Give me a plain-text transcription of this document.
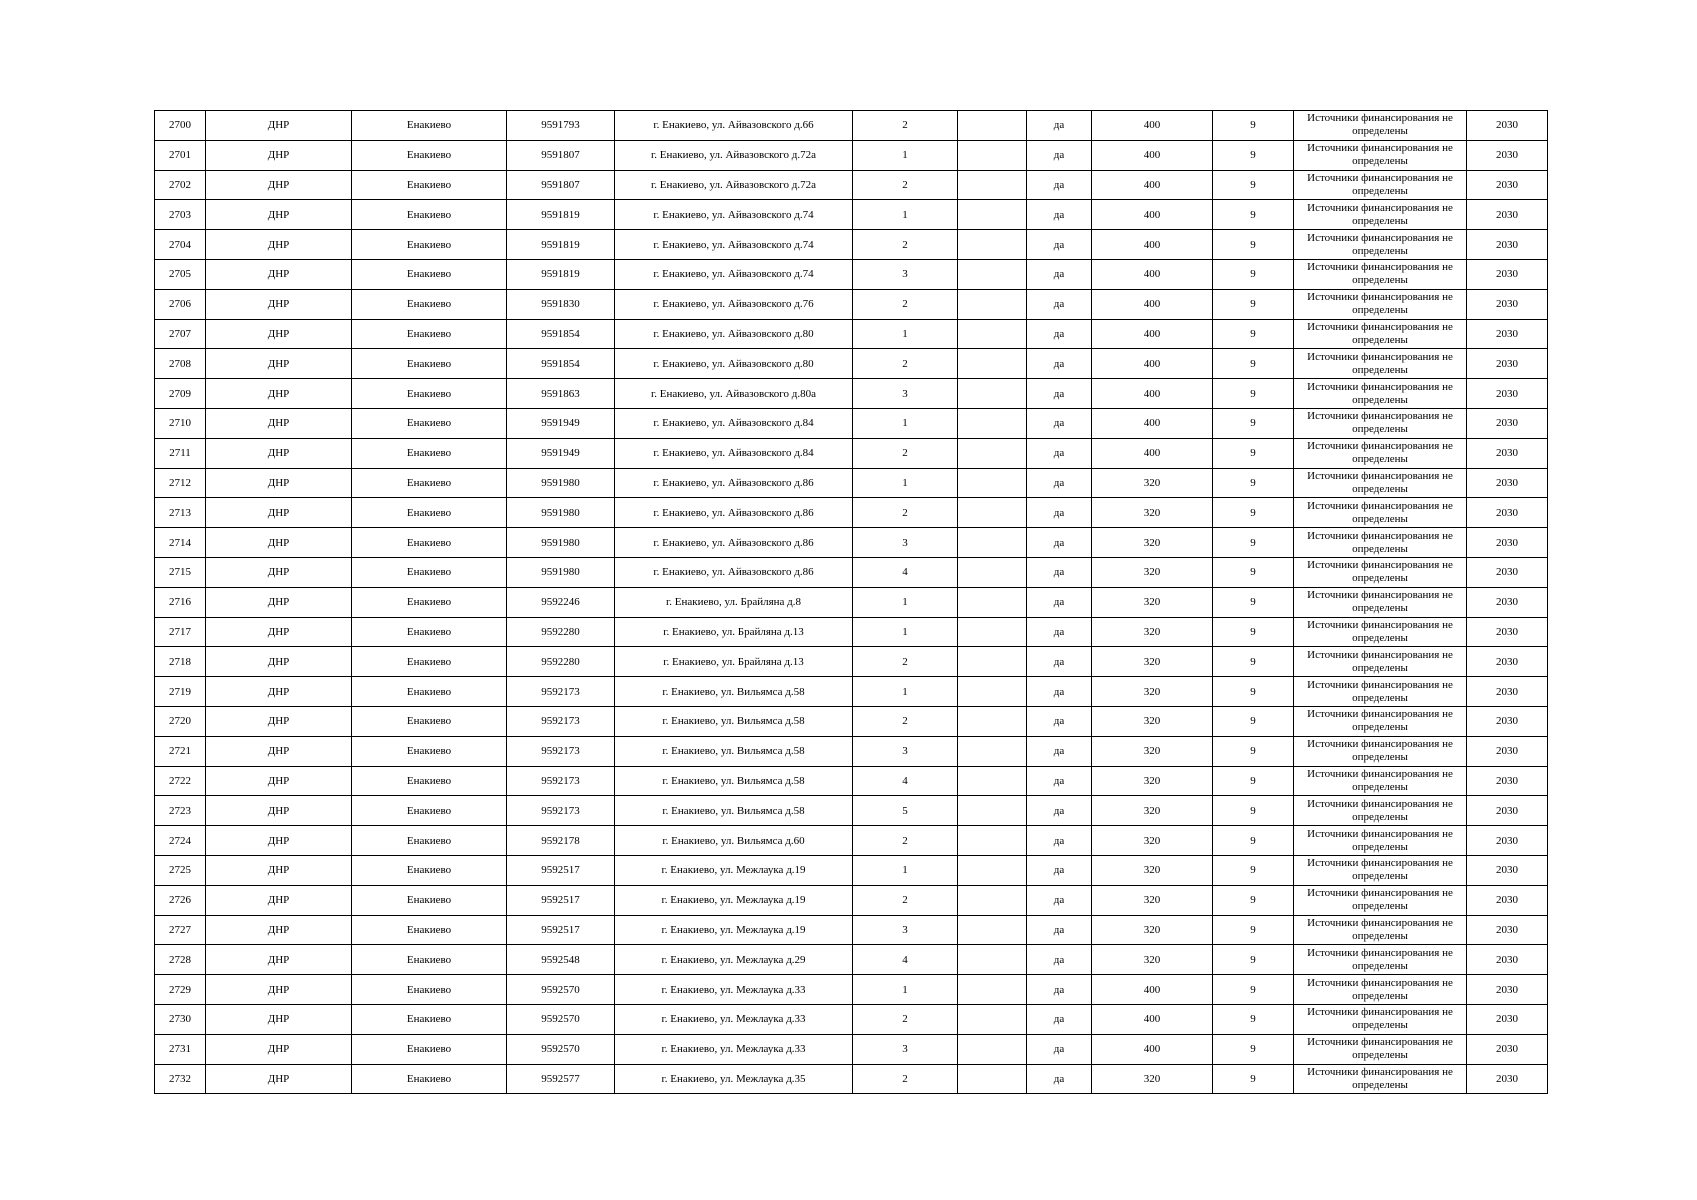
2700	ДНР	Енакиево	9591793	г. Енакиево, ул. Айвазовского д.66	2		да	400	9	Источники финансирования не определены	2030
2701	ДНР	Енакиево	9591807	г. Енакиево, ул. Айвазовского д.72а	1		да	400	9	Источники финансирования не определены	2030
2702	ДНР	Енакиево	9591807	г. Енакиево, ул. Айвазовского д.72а	2		да	400	9	Источники финансирования не определены	2030
2703	ДНР	Енакиево	9591819	г. Енакиево, ул. Айвазовского д.74	1		да	400	9	Источники финансирования не определены	2030
2704	ДНР	Енакиево	9591819	г. Енакиево, ул. Айвазовского д.74	2		да	400	9	Источники финансирования не определены	2030
2705	ДНР	Енакиево	9591819	г. Енакиево, ул. Айвазовского д.74	3		да	400	9	Источники финансирования не определены	2030
2706	ДНР	Енакиево	9591830	г. Енакиево, ул. Айвазовского д.76	2		да	400	9	Источники финансирования не определены	2030
2707	ДНР	Енакиево	9591854	г. Енакиево, ул. Айвазовского д.80	1		да	400	9	Источники финансирования не определены	2030
2708	ДНР	Енакиево	9591854	г. Енакиево, ул. Айвазовского д.80	2		да	400	9	Источники финансирования не определены	2030
2709	ДНР	Енакиево	9591863	г. Енакиево, ул. Айвазовского д.80а	3		да	400	9	Источники финансирования не определены	2030
2710	ДНР	Енакиево	9591949	г. Енакиево, ул. Айвазовского д.84	1		да	400	9	Источники финансирования не определены	2030
2711	ДНР	Енакиево	9591949	г. Енакиево, ул. Айвазовского д.84	2		да	400	9	Источники финансирования не определены	2030
2712	ДНР	Енакиево	9591980	г. Енакиево, ул. Айвазовского д.86	1		да	320	9	Источники финансирования не определены	2030
2713	ДНР	Енакиево	9591980	г. Енакиево, ул. Айвазовского д.86	2		да	320	9	Источники финансирования не определены	2030
2714	ДНР	Енакиево	9591980	г. Енакиево, ул. Айвазовского д.86	3		да	320	9	Источники финансирования не определены	2030
2715	ДНР	Енакиево	9591980	г. Енакиево, ул. Айвазовского д.86	4		да	320	9	Источники финансирования не определены	2030
2716	ДНР	Енакиево	9592246	г. Енакиево, ул. Брайляна д.8	1		да	320	9	Источники финансирования не определены	2030
2717	ДНР	Енакиево	9592280	г. Енакиево, ул. Брайляна д.13	1		да	320	9	Источники финансирования не определены	2030
2718	ДНР	Енакиево	9592280	г. Енакиево, ул. Брайляна д.13	2		да	320	9	Источники финансирования не определены	2030
2719	ДНР	Енакиево	9592173	г. Енакиево, ул. Вильямса д.58	1		да	320	9	Источники финансирования не определены	2030
2720	ДНР	Енакиево	9592173	г. Енакиево, ул. Вильямса д.58	2		да	320	9	Источники финансирования не определены	2030
2721	ДНР	Енакиево	9592173	г. Енакиево, ул. Вильямса д.58	3		да	320	9	Источники финансирования не определены	2030
2722	ДНР	Енакиево	9592173	г. Енакиево, ул. Вильямса д.58	4		да	320	9	Источники финансирования не определены	2030
2723	ДНР	Енакиево	9592173	г. Енакиево, ул. Вильямса д.58	5		да	320	9	Источники финансирования не определены	2030
2724	ДНР	Енакиево	9592178	г. Енакиево, ул. Вильямса д.60	2		да	320	9	Источники финансирования не определены	2030
2725	ДНР	Енакиево	9592517	г. Енакиево, ул. Межлаука д.19	1		да	320	9	Источники финансирования не определены	2030
2726	ДНР	Енакиево	9592517	г. Енакиево, ул. Межлаука д.19	2		да	320	9	Источники финансирования не определены	2030
2727	ДНР	Енакиево	9592517	г. Енакиево, ул. Межлаука д.19	3		да	320	9	Источники финансирования не определены	2030
2728	ДНР	Енакиево	9592548	г. Енакиево, ул. Межлаука д.29	4		да	320	9	Источники финансирования не определены	2030
2729	ДНР	Енакиево	9592570	г. Енакиево, ул. Межлаука д.33	1		да	400	9	Источники финансирования не определены	2030
2730	ДНР	Енакиево	9592570	г. Енакиево, ул. Межлаука д.33	2		да	400	9	Источники финансирования не определены	2030
2731	ДНР	Енакиево	9592570	г. Енакиево, ул. Межлаука д.33	3		да	400	9	Источники финансирования не определены	2030
2732	ДНР	Енакиево	9592577	г. Енакиево, ул. Межлаука д.35	2		да	320	9	Источники финансирования не определены	2030
